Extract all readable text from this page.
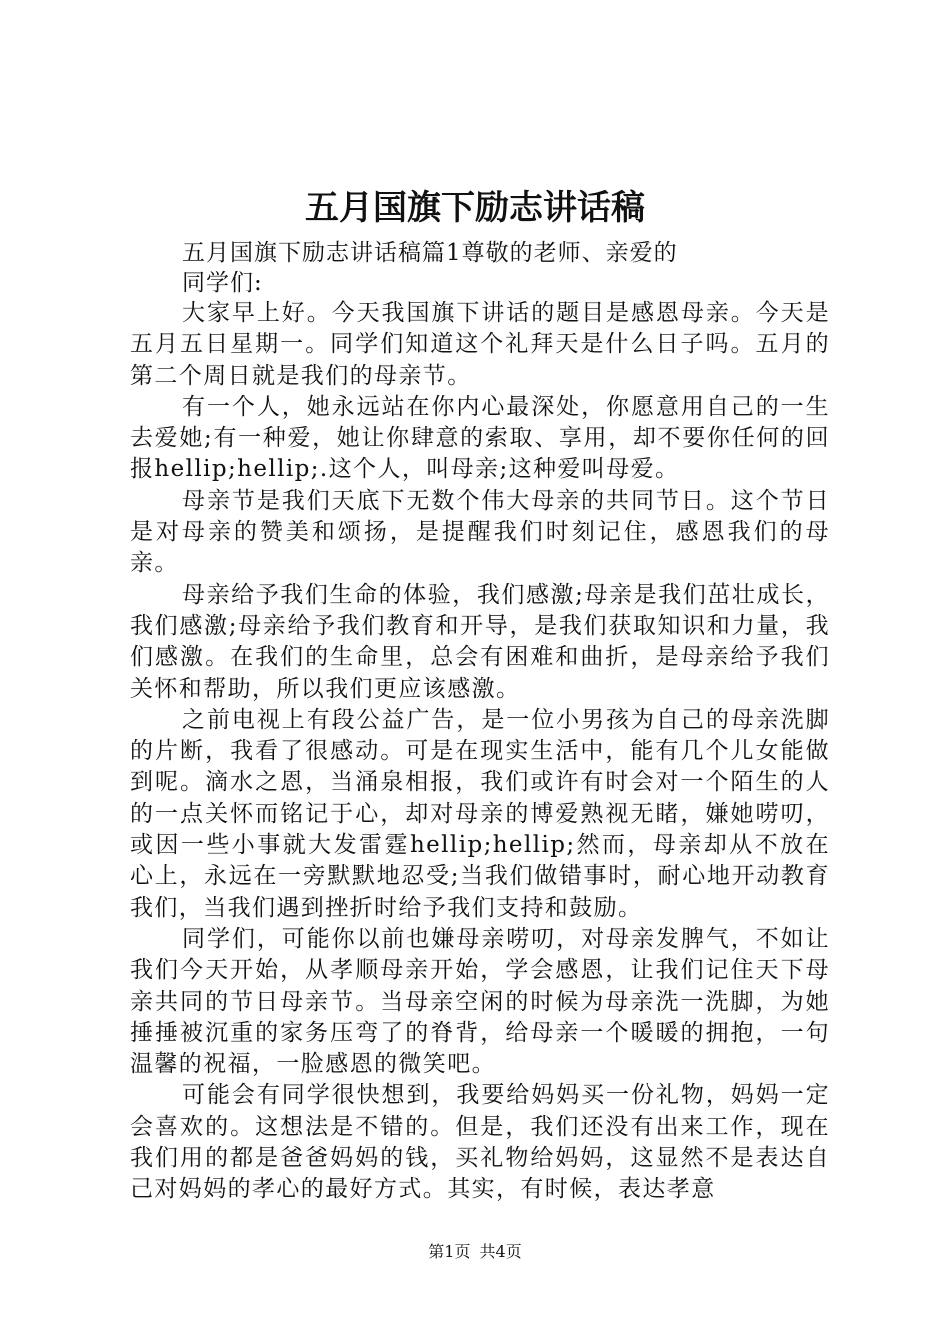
五月国旗下励志讲话稿

五月国旗下励志讲话稿篇1尊敬的老师、亲爱的

同学们:

大家早上好。今天我国旗下讲话的题目是感恩母亲。今天是五月五日星期一。同学们知道这个礼拜天是什么日子吗。五月的第二个周日就是我们的母亲节。

有一个人，她永远站在你内心最深处，你愿意用自己的一生去爱她;有一种爱，她让你肆意的索取、享用，却不要你任何的回报hellip;hellip;.这个人，叫母亲;这种爱叫母爱。

母亲节是我们天底下无数个伟大母亲的共同节日。这个节日是对母亲的赞美和颂扬，是提醒我们时刻记住，感恩我们的母亲。

母亲给予我们生命的体验，我们感激;母亲是我们茁壮成长，我们感激;母亲给予我们教育和开导，是我们获取知识和力量，我们感激。在我们的生命里，总会有困难和曲折，是母亲给予我们关怀和帮助，所以我们更应该感激。

之前电视上有段公益广告，是一位小男孩为自己的母亲洗脚的片断，我看了很感动。可是在现实生活中，能有几个儿女能做到呢。滴水之恩，当涌泉相报，我们或许有时会对一个陌生的人的一点关怀而铭记于心，却对母亲的博爱熟视无睹，嫌她唠叨，或因一些小事就大发雷霆hellip;hellip;然而，母亲却从不放在心上，永远在一旁默默地忍受;当我们做错事时，耐心地开动教育我们，当我们遇到挫折时给予我们支持和鼓励。

同学们，可能你以前也嫌母亲唠叨，对母亲发脾气，不如让我们今天开始，从孝顺母亲开始，学会感恩，让我们记住天下母亲共同的节日母亲节。当母亲空闲的时候为母亲洗一洗脚，为她捶捶被沉重的家务压弯了的脊背，给母亲一个暖暖的拥抱，一句温馨的祝福，一脸感恩的微笑吧。

可能会有同学很快想到，我要给妈妈买一份礼物，妈妈一定会喜欢的。这想法是不错的。但是，我们还没有出来工作，现在我们用的都是爸爸妈妈的钱，买礼物给妈妈，这显然不是表达自己对妈妈的孝心的最好方式。其实，有时候，表达孝意

第1页 共4页
